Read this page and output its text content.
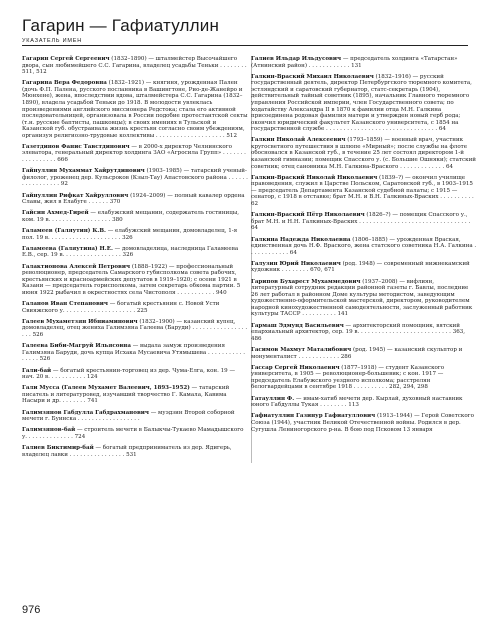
Гагарин — Гафиатуллин
УКАЗАТЕЛЬ ИМЕН
Гагарин Сергей Сергеевич (1832–1890) — шталмейстер Высочайшего двора, сын любимейшего С.С. Гагарина, владелец усадьбы Теньки . . . . . . . . 511, 512
Гагарина Вера Федоровна (1832–1921) — княгиня, урожденная Пален (дочь Ф.П. Палена, русского посланника в Вашингтоне, Рио-де-Жанейро и Мюнхене), жена, впоследствии вдова, шталмейстера С.С. Гагарина (1832–1890), владела усадьбой Теньки до 1918. В молодости увлеклась произведениями английского миссионера Редстока; стала его активной последовательницей, организовала в России подобие протестантской секты (т.н. русские баптисты, пашковцы); в своих имениях в Тульской и Казанской губ. обустраивала жизнь крестьян согласно своим убеждениям, организуя религиозно-трудовые коллективы . . . . . . . . . . . . . . . . . . . . 512
Газетдинов Фанис Тавстдинович — в 2000-х директор Челнинского элеватора, генеральный директор холдинга ЗАО «Агросила Групп» . . . . . . . . . . . . . . . . . 666
Гайнуллин Мухаммат Хайрутдинович (1903–1985) — татарский ученый-филолог, уроженец дер. Кульсроков (Кзыл-Тау) Апастовского района . . . . . . . . . . . . . . . . . 92
Гайнуллин Рифкат Хайруллович (1924–2009) — полный кавалер ордена Славы, жил в Елабуге . . . . . . 370
Гайсин Ахмед-Гирей — елабужский мещанин, содержатель гостиницы, ком. 19 в. . . . . . . . . . . . . . . . . . 380
Галамеев (Галяутин) К.В. — елабужский мещанин, домовладелец, 1-я пол. 19 в. . . . . . . . . . . . . . . . . . . . . 326
Галамеева (Галяутина) Н.Е. — домовладелица, наследница Галамеева Е.В., сер. 19 в. . . . . . . . . . . . . . . . . 326
Галактионова Алексей Петрович (1888–1922) — профессиональный революционер, председатель Самарского губисполкома совета рабочих, крестьянских и красноармейских депутатов в 1919–1920; с осени 1921 в Казани — председатель горисполкома, затем секретарь обкома партии. 5 июня 1922 рыбачил в окрестностях села Чистополя . . . . . . . . . . . 940
Галанов Иван Степанович — богатый крестьянин с. Новой Усти Свияжского у. . . . . . . . . . . . . . . . . . . . . 225
Галеев Мухаметзян Ибниаминович (1832–1900) — казанский купец, домовладелец, отец жениха Галимзяна Галеева (Баруди) . . . . . . . . . . . . . . . . . . . 526
Галеева Биби-Магруй Ильясовна — выдала замуж произведения Галимзяна Баруди, дочь купца Исхака Мусаевича Утямышева . . . . . . . . . . . . . . . . 526
Гали-бай — богатый крестьянин-торговец из дер. Чума-Елга, кон. 19 — нач. 20 в. . . . . . . . . . . 124
Гали Мусса (Галеев Мухамет Валеевич, 1893–1952) — татарский писатель и литературовед, изучавший творчество Г. Камала, Кавима Насыри и др. . . . . . . . 741
Галимзянов Габдулла Габдрахманович — муэдзин Второй соборной мечети г. Буинска . . . . . . . . . . . . . . . . . .
Галимзянов-бай — строитель мечети в Балыкчы-Тукаево Мамадышского у. . . . . . . . . . . . . . 724
Галиев Биктимир-бай — богатый предприниматель из дер. Ядигерь, владелец лавки . . . . . . . . . . . . . . . . 531
Галиев Ильдар Ильдусович — председатель холдинга «Татарстан» (Атнинский район) . . . . . . . . . . . . 131
Галкин-Враский Михаил Николаевич (1832–1916) — русский государственный деятель, директор Петербургского тюремного комитета, эстляндский и саратовский губернатор, статс-секретарь (1904), действительный тайный советник (1895), начальник Главного тюремного управления Российской империи, член Государственного совета; по ходатайству Александра II в 1870 к фамилии отца М.Н. Галкина присоединена родовая фамилия матери и утвержден новый герб рода; окончил юридический факультет Казанского университета, с 1854 на государственной службе . . . . . . . . . . . . . . . . . . . . . . . . . . . . . . . . 64
Галкин Николай Алексеевич (1793–1859) — военный врач, участник кругосветного путешествия в шлюпе «Мирный»; после службы на флоте обосновался в Казанской губ., в течение 25 лет состоял директором 1-й казанской гимназии; помещик Спасского у. (с. Большие Ошняки); статский советник; отец сановника М.Н. Галкина-Враского . . . . . . . . . . . . . 64
Галкин-Враский Николай Николаевич (1839–?) — окончил училище правоведения, служил в Царстве Польском, Саратовской губ., в 1903–1915 — председатель Департамента Казанской судебной палаты; с 1915 — сенатор, с 1918 в отставке; брат М.Н. и В.Н. Галкиных-Враских . . . . . . . . . . 62
Галкин-Враский Пётр Николаевич (1826–?) — помещик Спасского у., брат М.Н. и Н.Н. Галкиных-Враских . . . . . . . . . . . . . . . . . . . . . . . . . . . . . . . . 64
Галкина Надежда Николаевна (1806–1885) — урожденная Враская, единственная дочь Н.Ф. Враского, жена статского советника Н.А. Галкина . . . . . . . . . . . . 64
Галузин Юрий Николаевич (род. 1948) — современный нижнекамский художник . . . . . . . . 670, 671
Гарипов Бухарест Мухаммедович (1937–2008) — вифлиян, литературный сотрудник редакции районной газеты г. Бавлы, последние 26 лет работал в районном Доме культуры методистом, заведующим художественно-оформительской мастерской, директором, руководителем народной кинохудожественной самодеятельности, заслуженный работник культуры ТАССР . . . . . . . . . . 141
Гармаш Эдмунд Васильевич — архитекторский помощник, вятский епархиальный архитектор, сер. 19 в. . . . . . . . . . . . . . . . . . . . . . . . . . . 363, 486
Гасимов Махмут Маталибович (род. 1945) — казанский скульптор и монументалист . . . . . . . . . . . . 286
Гассар Сергей Николаевич (1877–1918) — студент Казанского университета, в 1905 — революционер-большевик; с кон. 1917 — председатель Елабужского уездного исполкома; расстрелян белогвардейцами в сентябре 1918 . . . . . . . . . . 282, 294, 298
Гатауллин Ф. — имам-хатиб мечети дер. Кырлай, духовный наставник юного Габдуллы Тукая . . . . . . . . 113
Гафиатуллин Газинур Гафиатуллович (1913–1944) — Герой Советского Союза (1944), участник Великой Отечественной войны. Родился в дер. Сугушла Лениногорского р-на. В бою под Псковом 13 января
976
